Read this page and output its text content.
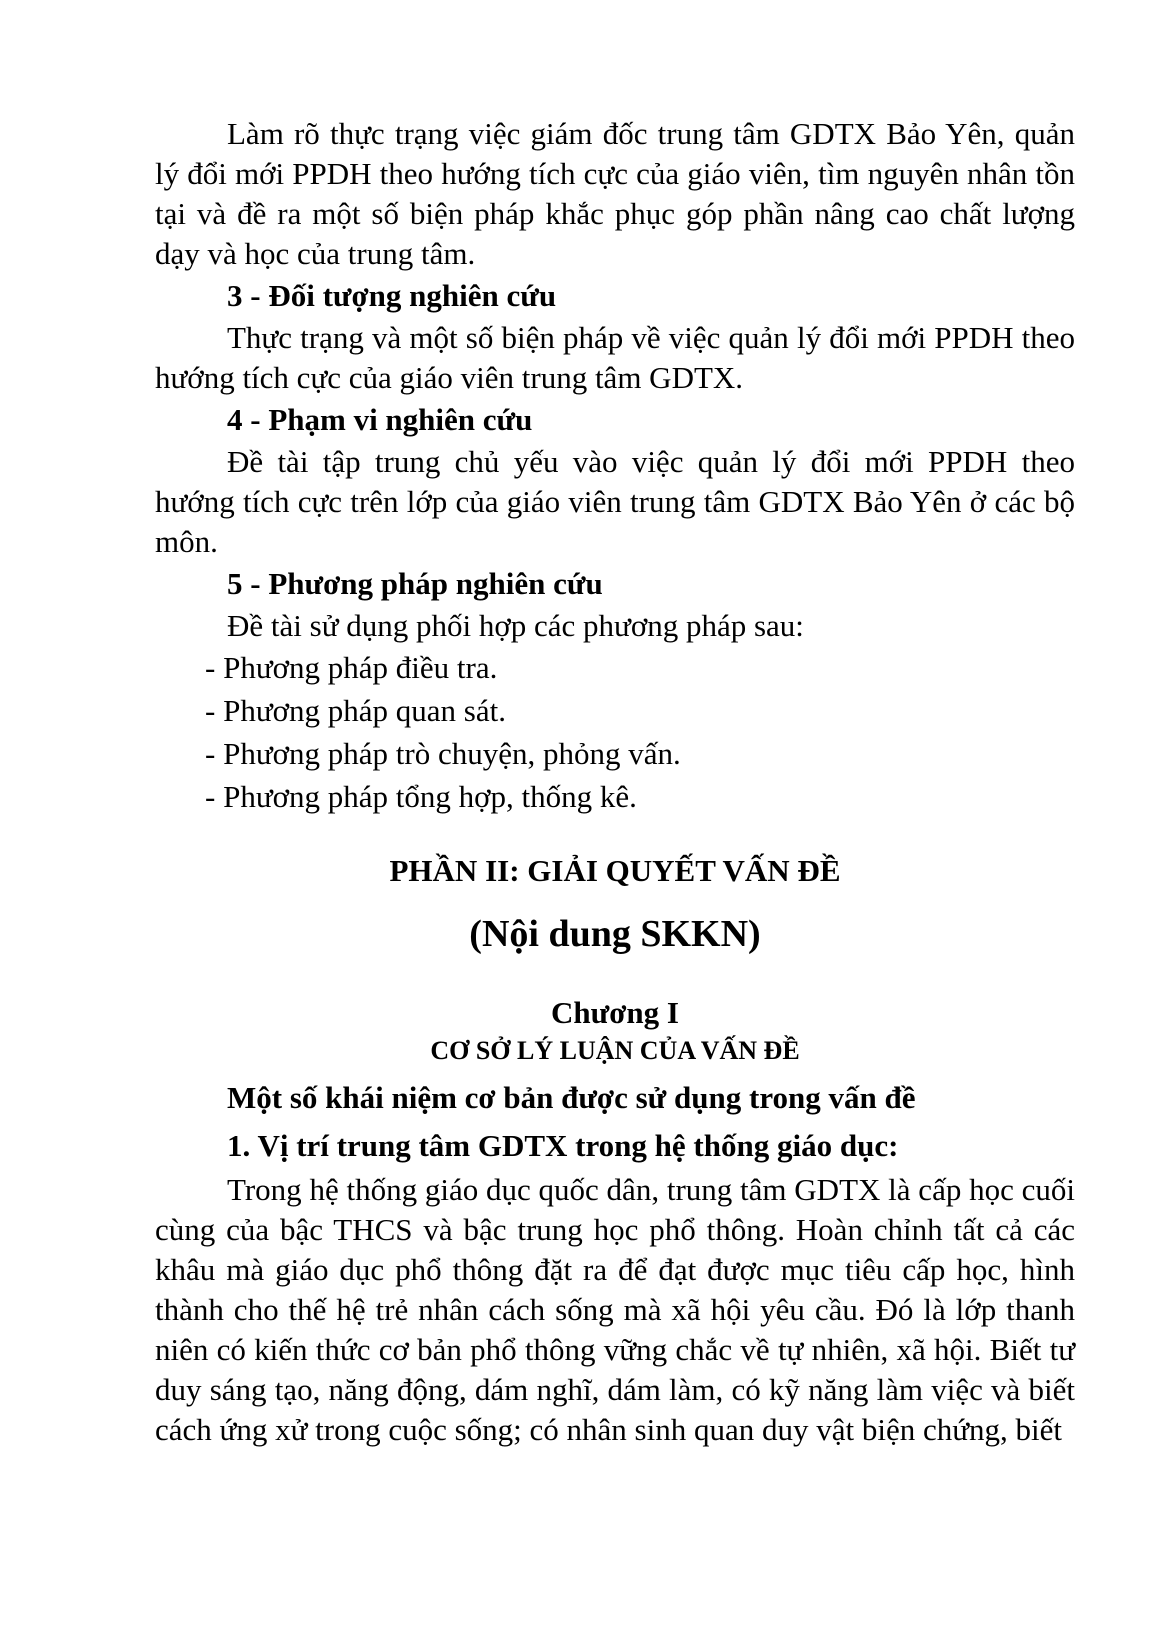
Làm rõ thực trạng việc giám đốc trung tâm GDTX Bảo Yên, quản lý đổi mới PPDH theo hướng tích cực của giáo viên, tìm nguyên nhân tồn tại và đề ra một số biện pháp khắc phục góp phần nâng cao chất lượng dạy và học của trung tâm.

3 - Đối tượng nghiên cứu

Thực trạng và một số biện pháp về việc quản lý đổi mới PPDH theo hướng tích cực của giáo viên trung tâm GDTX.

4 - Phạm vi nghiên cứu

Đề tài tập trung chủ yếu vào việc quản lý đổi mới PPDH theo hướng tích cực trên lớp của giáo viên trung tâm GDTX Bảo Yên ở các bộ môn.

5 - Phương pháp nghiên cứu

Đề tài sử dụng phối hợp các phương pháp sau:

- Phương pháp điều tra.
- Phương pháp quan sát.
- Phương pháp trò chuyện, phỏng vấn.
- Phương pháp tổng hợp, thống kê.
PHẦN II: GIẢI QUYẾT VẤN ĐỀ
(Nội dung SKKN)
Chương I
CƠ SỞ LÝ LUẬN CỦA VẤN ĐỀ
Một số khái niệm cơ bản được sử dụng trong vấn đề
1. Vị trí trung tâm GDTX trong hệ thống giáo dục:

Trong hệ thống giáo dục quốc dân, trung tâm GDTX là cấp học cuối cùng của bậc THCS và bậc trung học phổ thông. Hoàn chỉnh tất cả các khâu mà giáo dục phổ thông đặt ra để đạt được mục tiêu cấp học, hình thành cho thế hệ trẻ nhân cách sống mà xã hội yêu cầu. Đó là lớp thanh niên có kiến thức cơ bản phổ thông vững chắc về tự nhiên, xã hội. Biết tư duy sáng tạo, năng động, dám nghĩ, dám làm, có kỹ năng làm việc và biết cách ứng xử trong cuộc sống; có nhân sinh quan duy vật biện chứng, biết
